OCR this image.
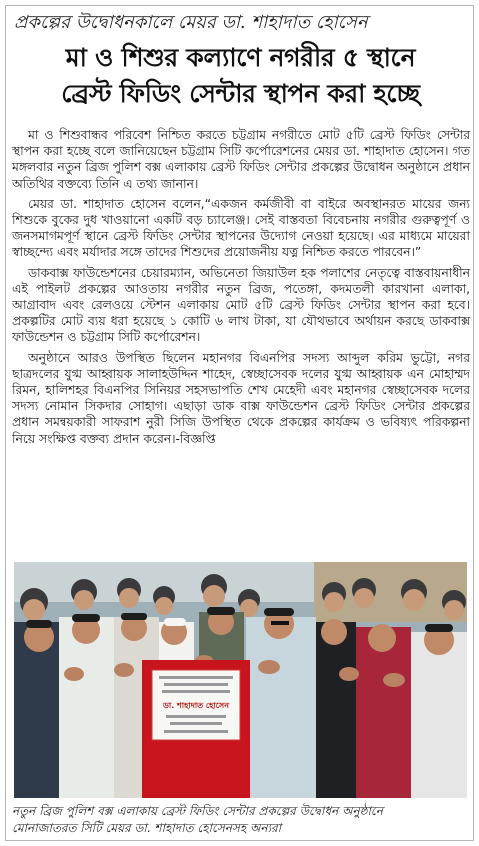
প্রকল্পের উদ্বোধনকালে মেয়র ডা. শাহাদাত হোসেন
মা ও শিশুর কল্যাণে নগরীর ৫ স্থানে
ব্রেস্ট ফিডিং সেন্টার স্থাপন করা হচ্ছে

মা ও শিশুবান্ধব পরিবেশ নিশ্চিত করতে চট্টগ্রাম নগরীতে মোট ৫টি ব্রেস্ট ফিডিং সেন্টার স্থাপন করা হচ্ছে বলে জানিয়েছেন চট্টগ্রাম সিটি কর্পোরেশনের মেয়র ডা. শাহাদাত হোসেন। গত মঙ্গলবার নতুন ব্রিজ পুলিশ বক্স এলাকায় ব্রেস্ট ফিডিং সেন্টার প্রকল্পের উদ্বোধন অনুষ্ঠানে প্রধান অতিথির বক্তব্যে তিনি এ তথ্য জানান।

মেয়র ডা. শাহাদাত হোসেন বলেন,“একজন কর্মজীবী বা বাইরে অবস্থানরত মায়ের জন্য শিশুকে বুকের দুধ খাওয়ানো একটি বড় চ্যালেঞ্জ। সেই বাস্তবতা বিবেচনায় নগরীর গুরুত্বপূর্ণ ও জনসমাগমপূর্ণ স্থানে ব্রেস্ট ফিডিং সেন্টার স্থাপনের উদ্যোগ নেওয়া হয়েছে। এর মাধ্যমে মায়েরা স্বাচ্ছন্দ্যে এবং মর্যাদার সঙ্গে তাদের শিশুদের প্রয়োজনীয় যত্ন নিশ্চিত করতে পারবেন।”

ডাকবাক্স ফাউন্ডেশনের চেয়ারম্যান, অভিনেতা জিয়াউল হক পলাশের নেতৃত্বে বাস্তবায়নাধীন এই পাইলট প্রকল্পের আওতায় নগরীর নতুন ব্রিজ, পতেঙ্গা, কদমতলী কারখানা এলাকা, আগ্রাবাদ এবং রেলওয়ে স্টেশন এলাকায় মোট ৫টি ব্রেস্ট ফিডিং সেন্টার স্থাপন করা হবে। প্রকল্পটির মোট ব্যয় ধরা হয়েছে ১ কোটি ৬ লাখ টাকা, যা যৌথভাবে অর্থায়ন করছে ডাকবাক্স ফাউন্ডেশন ও চট্টগ্রাম সিটি কর্পোরেশন।

অনুষ্ঠানে আরও উপস্থিত ছিলেন মহানগর বিএনপির সদস্য আব্দুল করিম ভুট্টো, নগর ছাত্রদলের যুগ্ম আহ্বায়ক সালাহউদ্দিন শাহেদ, স্বেচ্ছাসেবক দলের যুগ্ম আহ্বায়ক এন মোহাম্মদ রিমন, হালিশহর বিএনপির সিনিয়র সহসভাপতি শেখ মেহেদী এবং মহানগর স্বেচ্ছাসেবক দলের সদস্য নোমান সিকদার সোহাগ। এছাড়া ডাক বাক্স ফাউন্ডেশন ব্রেস্ট ফিডিং সেন্টার প্রকল্পের প্রধান সমন্বয়কারী সাফরাশ নুরী সিজি উপস্থিত থেকে প্রকল্পের কার্যক্রম ও ভবিষ্যৎ পরিকল্পনা নিয়ে সংক্ষিপ্ত বক্তব্য প্রদান করেন।-বিজ্ঞপ্তি

ডা. শাহাদাত হোসেন
নতুন ব্রিজ পুলিশ বক্স এলাকায় ব্রেস্ট ফিডিং সেন্টার প্রকল্পের উদ্বোধন অনুষ্ঠানে
মোনাজাতরত সিটি মেয়র ডা. শাহাদাত হোসেনসহ অন্যরা
